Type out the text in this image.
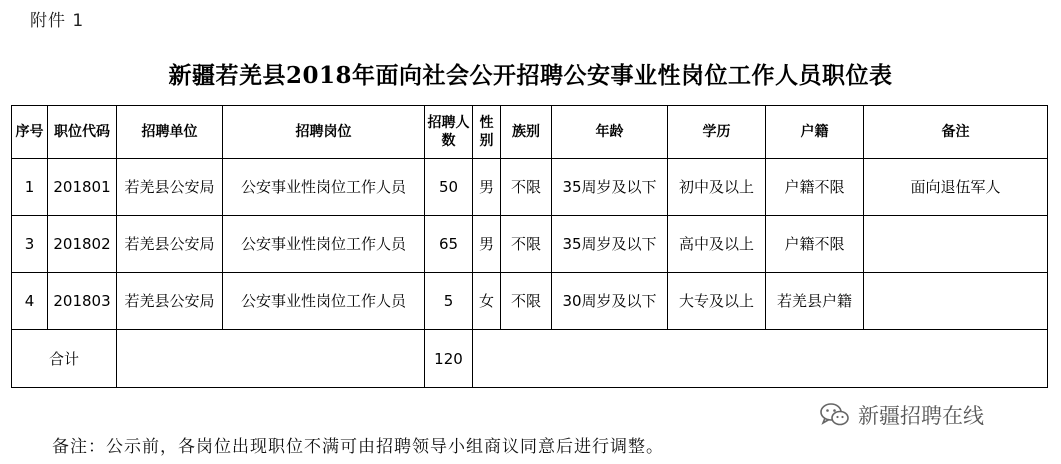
附件 1
新疆若羌县2018年面向社会公开招聘公安事业性岗位工作人员职位表
序号	职位代码	招聘单位	招聘岗位	招聘人数	性别	族别	年龄	学历	户籍	备注
1	201801	若羌县公安局	公安事业性岗位工作人员	50	男	不限	35周岁及以下	初中及以上	户籍不限	面向退伍军人
3	201802	若羌县公安局	公安事业性岗位工作人员	65	男	不限	35周岁及以下	高中及以上	户籍不限	
4	201803	若羌县公安局	公安事业性岗位工作人员	5	女	不限	30周岁及以下	大专及以上	若羌县户籍	
合计				120						
新疆招聘在线
备注：公示前，各岗位出现职位不满可由招聘领导小组商议同意后进行调整。
